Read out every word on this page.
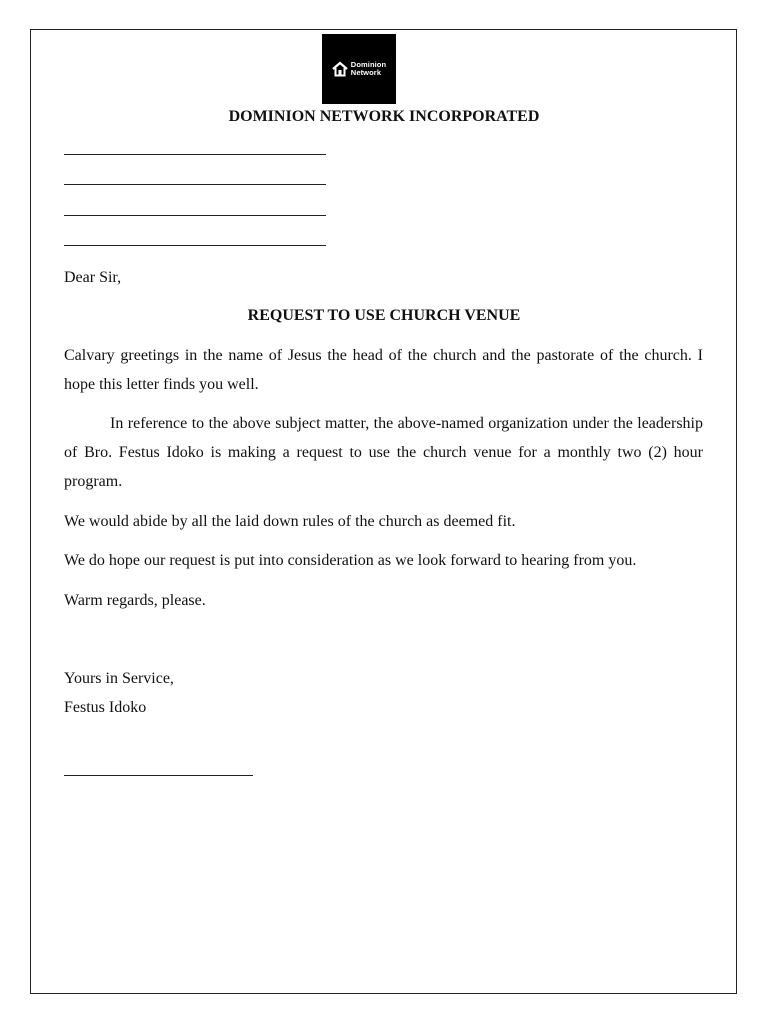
Dominion
Network
DOMINION NETWORK INCORPORATED
Dear Sir,
REQUEST TO USE CHURCH VENUE

Calvary greetings in the name of Jesus the head of the church and the pastorate of the church. I hope this letter finds you well.

In reference to the above subject matter, the above-named organization under the leadership of Bro. Festus Idoko is making a request to use the church venue for a monthly two (2) hour program.

We would abide by all the laid down rules of the church as deemed fit.

We do hope our request is put into consideration as we look forward to hearing from you.

Warm regards, please.

Yours in Service,
Festus Idoko
